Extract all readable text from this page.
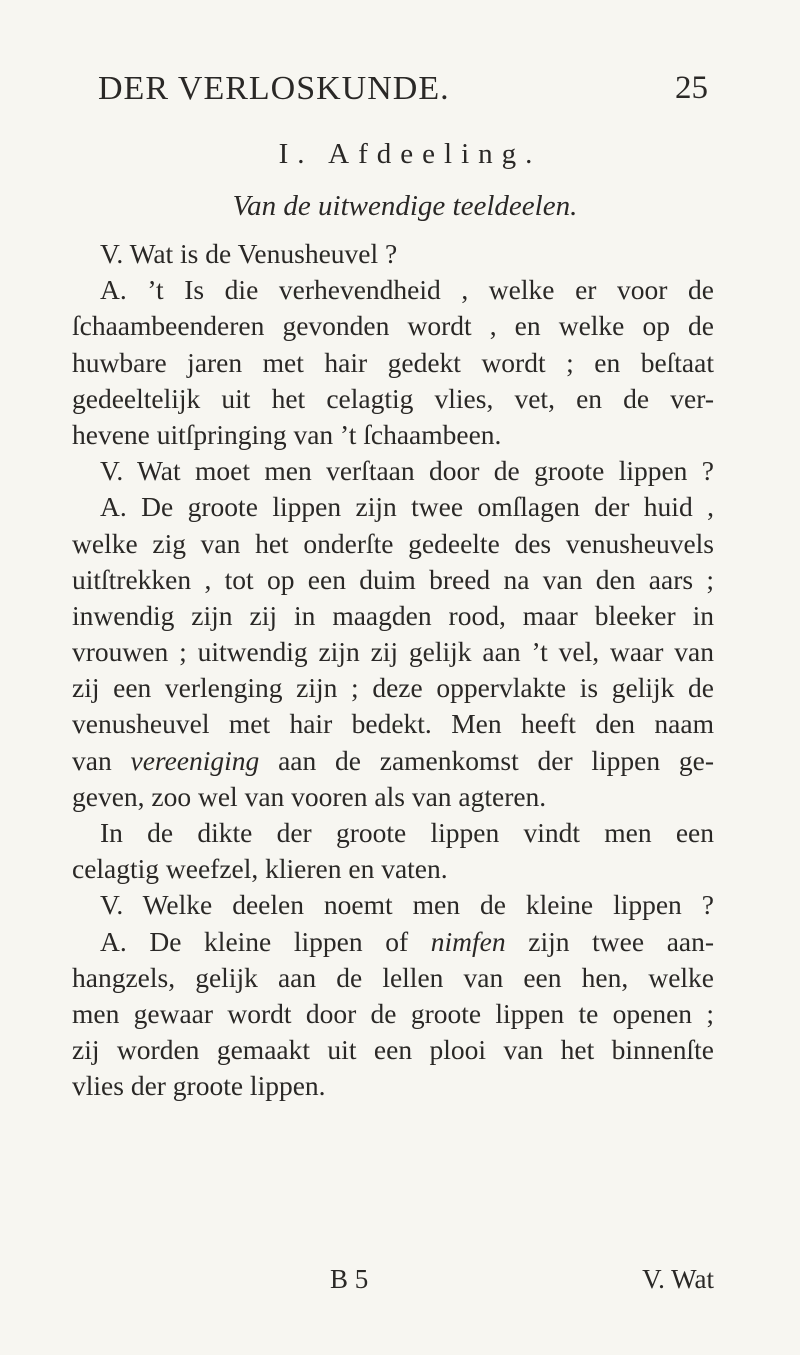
DER VERLOSKUNDE.	25
I. Afdeeling.
Van de uitwendige teeldeelen.
V. Wat is de Venusheuvel ?
A. ’t Is die verhevendheid , welke er voor de
ſchaambeenderen gevonden wordt , en welke op de
huwbare jaren met hair gedekt wordt ; en beſtaat
gedeeltelijk uit het celagtig vlies, vet, en de ver-
hevene uitſpringing van ’t ſchaambeen.
V. Wat moet men verſtaan door de groote lippen ?
A. De groote lippen zijn twee omſlagen der huid ,
welke zig van het onderſte gedeelte des venusheuvels
uitſtrekken , tot op een duim breed na van den aars ;
inwendig zijn zij in maagden rood, maar bleeker in
vrouwen ; uitwendig zijn zij gelijk aan ’t vel, waar van
zij een verlenging zijn ; deze oppervlakte is gelijk de
venusheuvel met hair bedekt. Men heeft den naam
van vereeniging aan de zamenkomst der lippen ge-
geven, zoo wel van vooren als van agteren.
In de dikte der groote lippen vindt men een
celagtig weefzel, klieren en vaten.
V. Welke deelen noemt men de kleine lippen ?
A. De kleine lippen of nimfen zijn twee aan-
hangzels, gelijk aan de lellen van een hen, welke
men gewaar wordt door de groote lippen te openen ;
zij worden gemaakt uit een plooi van het binnenſte
vlies der groote lippen.
B 5	V. Wat
